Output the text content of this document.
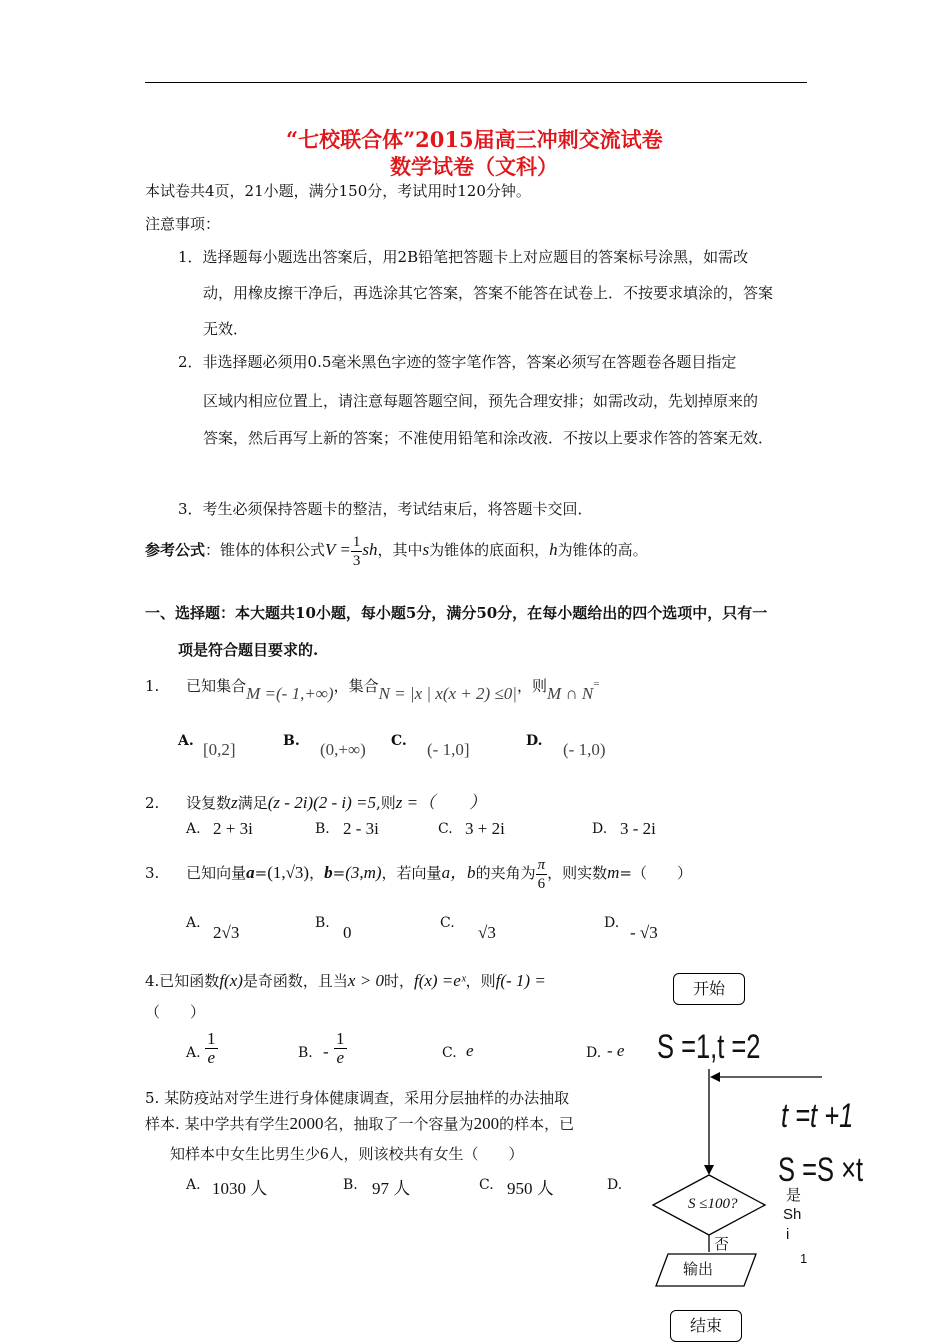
“七校联合体”2015届高三冲刺交流试卷
数学试卷（文科）
本试卷共4页，21小题，满分150分，考试用时120分钟。
注意事项：
1．选择题每小题选出答案后，用2B铅笔把答题卡上对应题目的答案标号涂黑，如需改
动，用橡皮擦干净后，再选涂其它答案，答案不能答在试卷上．不按要求填涂的，答案
无效．
2．非选择题必须用0.5毫米黑色字迹的签字笔作答，答案必须写在答题卷各题目指定
区域内相应位置上，请注意每题答题空间，预先合理安排；如需改动，先划掉原来的
答案，然后再写上新的答案；不准使用铅笔和涂改液．不按以上要求作答的答案无效．
3．考生必须保持答题卡的整洁，考试结束后，将答题卡交回．
参考公式：锥体的体积公式$V = \frac{1}{3}$ sh，其中s为锥体的底面积，h为锥体的高。
一、选择题：本大题共10小题，每小题5分，满分50分，在每小题给出的四个选项中，只有一
项是符合题目要求的.
1. 已知集合M =(- 1,+∞)，集合N = |x | x(x + 2) ≤0|，则M ∩ N=
A. [0,2]	B. (0,+∞) C. (- 1,0]	D. (- 1,0)
2. 设复数z满足(z - 2i)(2 - i) =5,则z =（　　）
A. 2 + 3i	B. 2 - 3i	C. 3 + 2i	D. 3 - 2i
3. 已知向量a=(1,√3)，b=(3,m)，若向量a，b的夹角为 $\frac{\pi}{6}$ ，则实数m=（　　）
A. 2√3	B. 0	C. √3	D. - √3
4.已知函数f(x)是奇函数，且当x > 0时，f(x) =eˣ，则f(- 1) =
（　　）
A. $\frac{1}{e}$	B. - $\frac{1}{e}$	C. e	D. - e
5. 某防疫站对学生进行身体健康调查，采用分层抽样的办法抽取
样本. 某中学共有学生2000名，抽取了一个容量为200的样本，已
知样本中女生比男生少6人，则该校共有女生（　　）
A. 1030 人	B. 97 人	C. 950 人	D.
开始
S =1,t =2
t =t +1
S =S ×t
S ≤100?	是
Sh
i
否
输出
1
结束
